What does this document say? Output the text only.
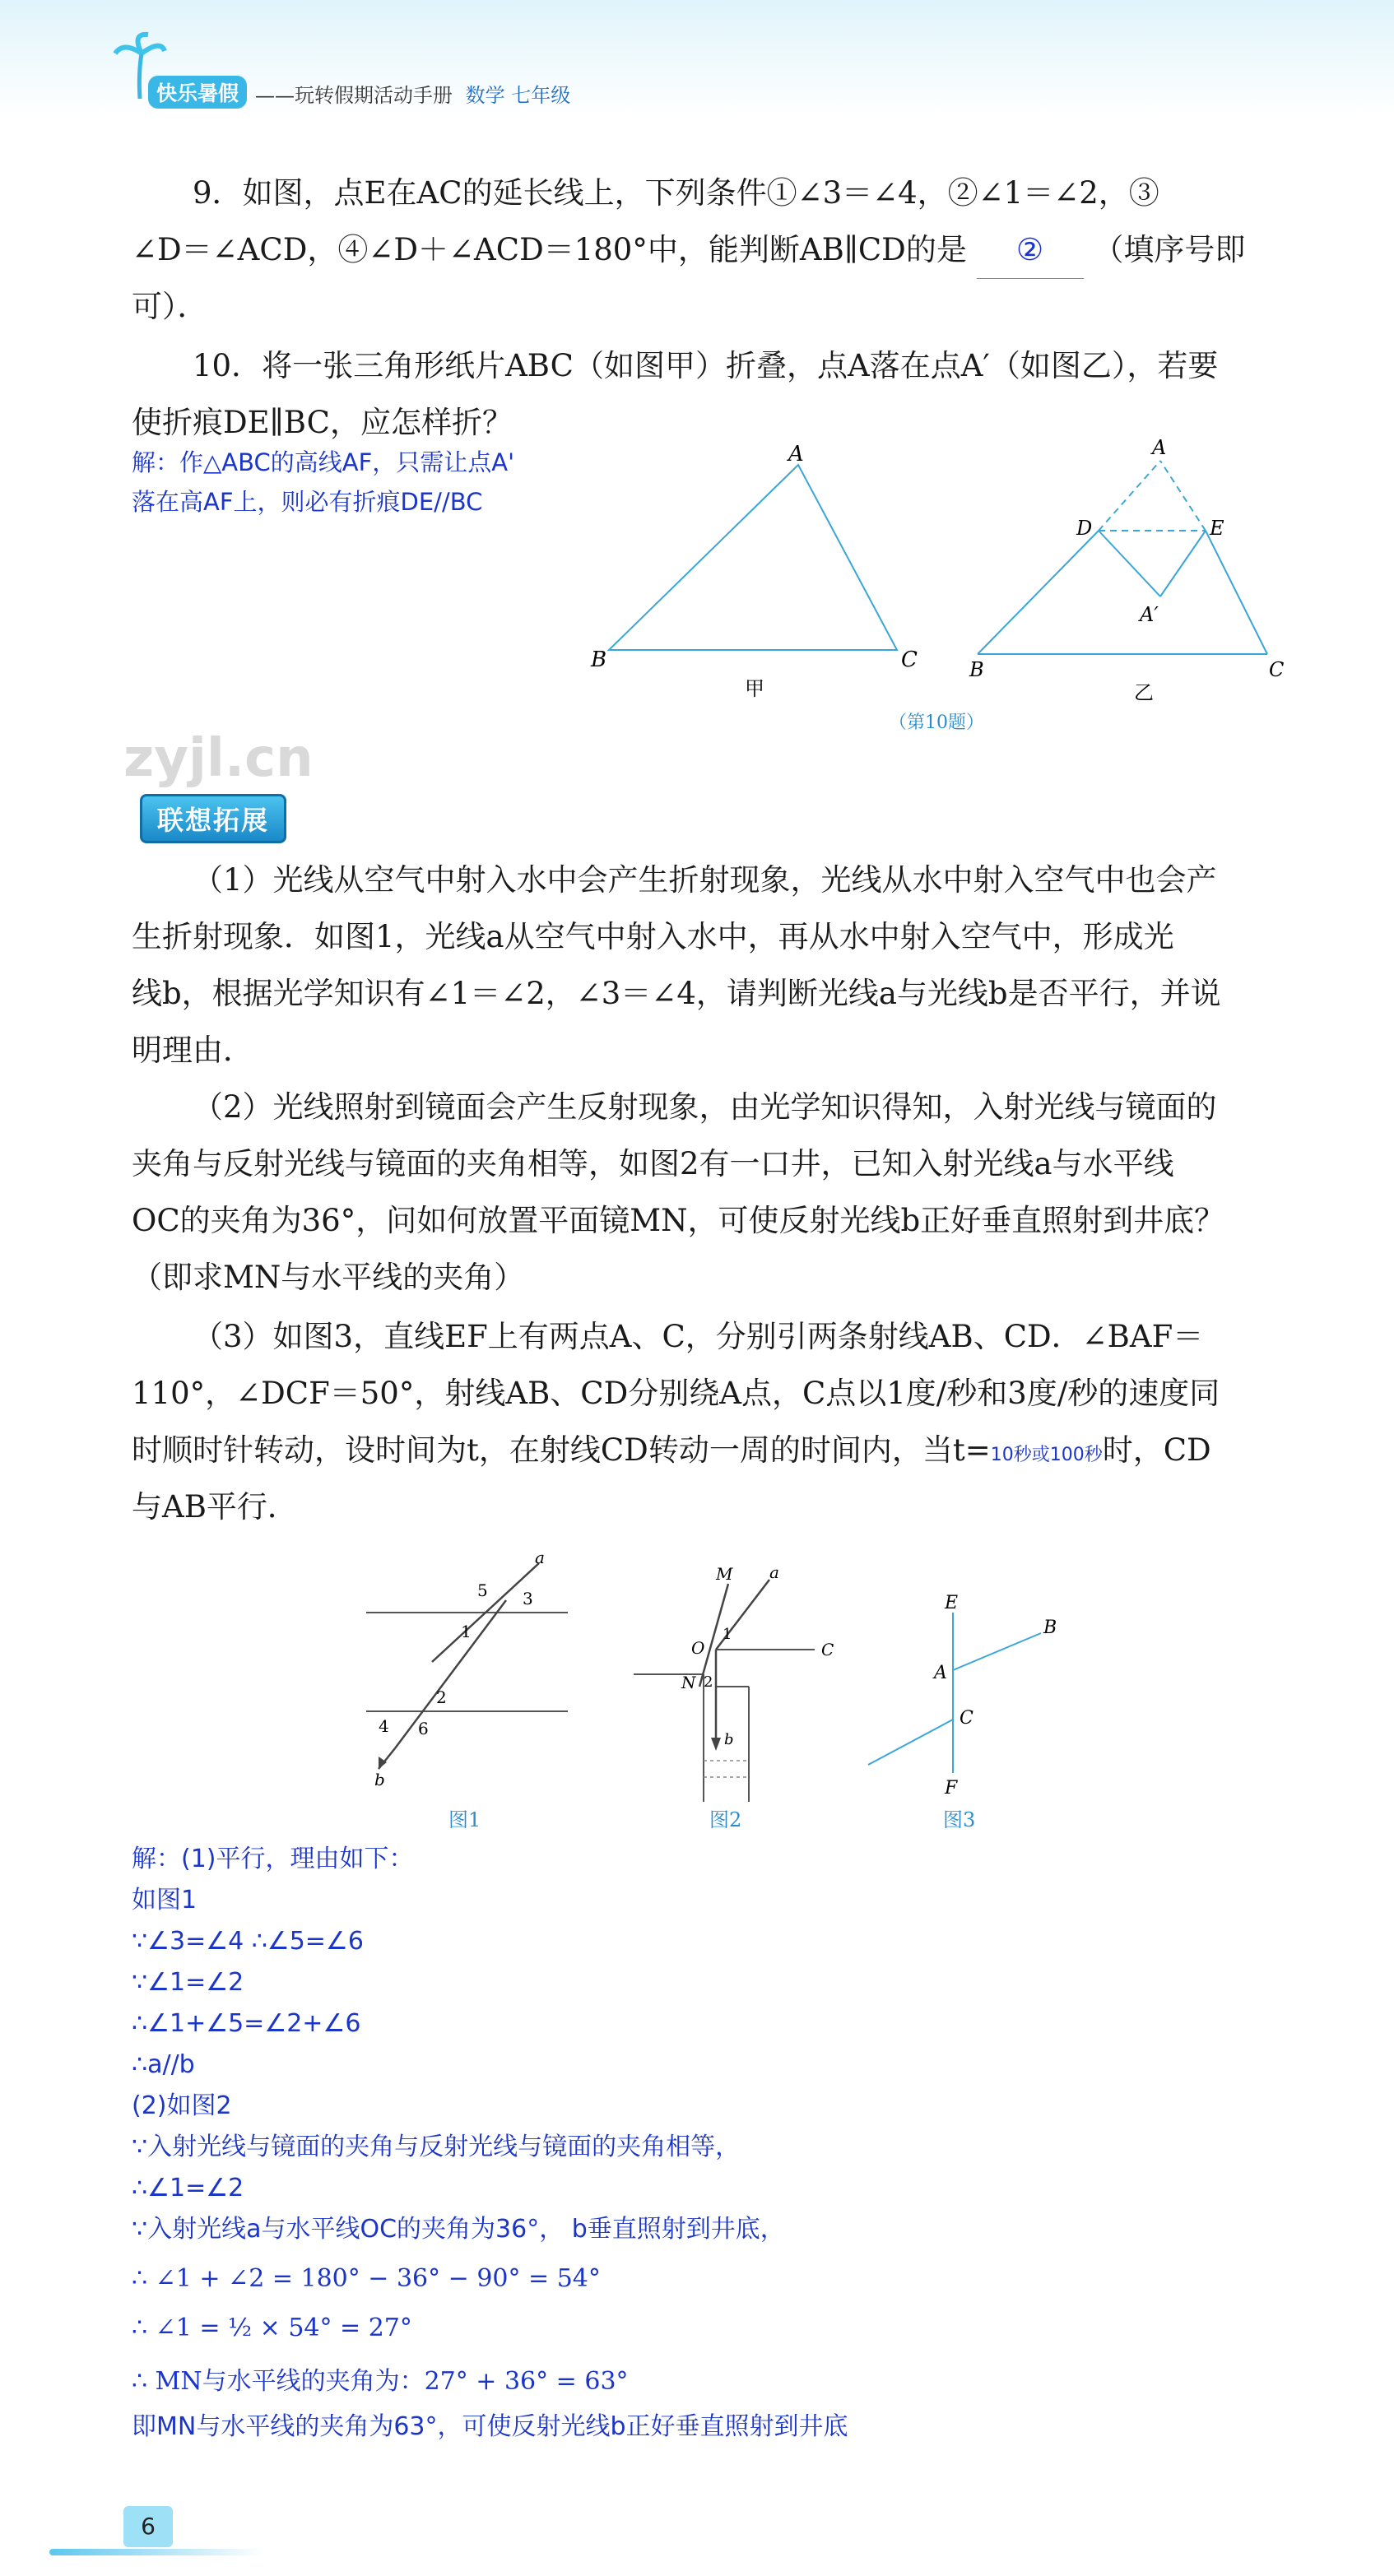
快乐暑假 ——玩转假期活动手册 数学 七年级
9．如图，点E在AC的延长线上，下列条件①∠3＝∠4，②∠1＝∠2，③
∠D＝∠ACD，④∠D＋∠ACD＝180°中，能判断AB∥CD的是 ② （填序号即
可）．
10．将一张三角形纸片ABC（如图甲）折叠，点A落在点A′（如图乙），若要
使折痕DE∥BC，应怎样折？
解：作△ABC的高线AF，只需让点A'
落在高AF上，则必有折痕DE//BC
A
B	C
甲
A
D	E
A′
B	C
乙
（第10题）
zyjl.cn
联想拓展
（1）光线从空气中射入水中会产生折射现象，光线从水中射入空气中也会产
生折射现象．如图1，光线a从空气中射入水中，再从水中射入空气中，形成光
线b，根据光学知识有∠1＝∠2，∠3＝∠4，请判断光线a与光线b是否平行，并说
明理由．
（2）光线照射到镜面会产生反射现象，由光学知识得知，入射光线与镜面的
夹角与反射光线与镜面的夹角相等，如图2有一口井，已知入射光线a与水平线
OC的夹角为36°，问如何放置平面镜MN，可使反射光线b正好垂直照射到井底？
（即求MN与水平线的夹角）
（3）如图3，直线EF上有两点A、C，分别引两条射线AB、CD．∠BAF＝
110°，∠DCF＝50°，射线AB、CD分别绕A点，C点以1度/秒和3度/秒的速度同
时顺时针转动，设时间为t，在射线CD转动一周的时间内，当t=10秒或100秒时，CD
与AB平行．
a
b
1
2
3
4
5
6
图1
M a
O	C
N
1
2
b
图2
E
A
B
C
F
图3
解：(1)平行，理由如下：
如图1
∵∠3=∠4 ∴∠5=∠6
∵∠1=∠2
∴∠1+∠5=∠2+∠6
∴a//b
(2)如图2
∵入射光线与镜面的夹角与反射光线与镜面的夹角相等，
∴∠1=∠2
∵入射光线a与水平线OC的夹角为36°， b垂直照射到井底，
∴ ∠1 + ∠2 = 180° − 36° − 90° = 54°
∴ ∠1 = ½ × 54° = 27°
∴ MN与水平线的夹角为：27° + 36° = 63°
即MN与水平线的夹角为63°，可使反射光线b正好垂直照射到井底
6
